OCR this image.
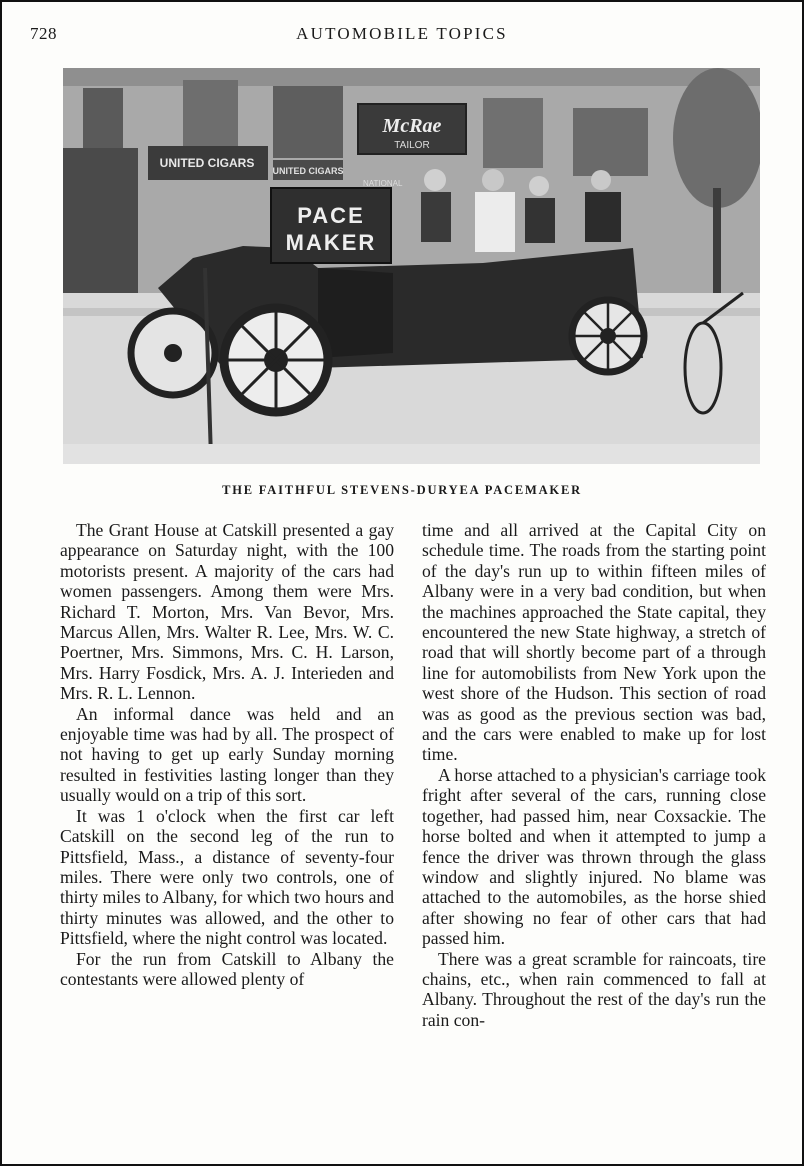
728	AUTOMOBILE TOPICS
McRae
TAILOR
UNITED CIGARS
UNITED CIGARS
NATIONAL
PACE
MAKER
THE FAITHFUL STEVENS-DURYEA PACEMAKER

The Grant House at Catskill presented a gay appearance on Saturday night, with the 100 motorists present. A majority of the cars had women passengers. Among them were Mrs. Richard T. Morton, Mrs. Van Bevor, Mrs. Marcus Allen, Mrs. Walter R. Lee, Mrs. W. C. Poertner, Mrs. Simmons, Mrs. C. H. Larson, Mrs. Harry Fosdick, Mrs. A. J. Interieden and Mrs. R. L. Lennon.

An informal dance was held and an enjoyable time was had by all. The prospect of not having to get up early Sunday morning resulted in festivities lasting longer than they usually would on a trip of this sort.

It was 1 o'clock when the first car left Catskill on the second leg of the run to Pittsfield, Mass., a distance of seventy-four miles. There were only two controls, one of thirty miles to Albany, for which two hours and thirty minutes was allowed, and the other to Pittsfield, where the night control was located.

For the run from Catskill to Albany the contestants were allowed plenty of

time and all arrived at the Capital City on schedule time. The roads from the starting point of the day's run up to within fifteen miles of Albany were in a very bad condition, but when the machines approached the State capital, they encountered the new State highway, a stretch of road that will shortly become part of a through line for automobilists from New York upon the west shore of the Hudson. This section of road was as good as the previous section was bad, and the cars were enabled to make up for lost time.

A horse attached to a physician's carriage took fright after several of the cars, running close together, had passed him, near Coxsackie. The horse bolted and when it attempted to jump a fence the driver was thrown through the glass window and slightly injured. No blame was attached to the automobiles, as the horse shied after showing no fear of other cars that had passed him.

There was a great scramble for raincoats, tire chains, etc., when rain commenced to fall at Albany. Throughout the rest of the day's run the rain con-
